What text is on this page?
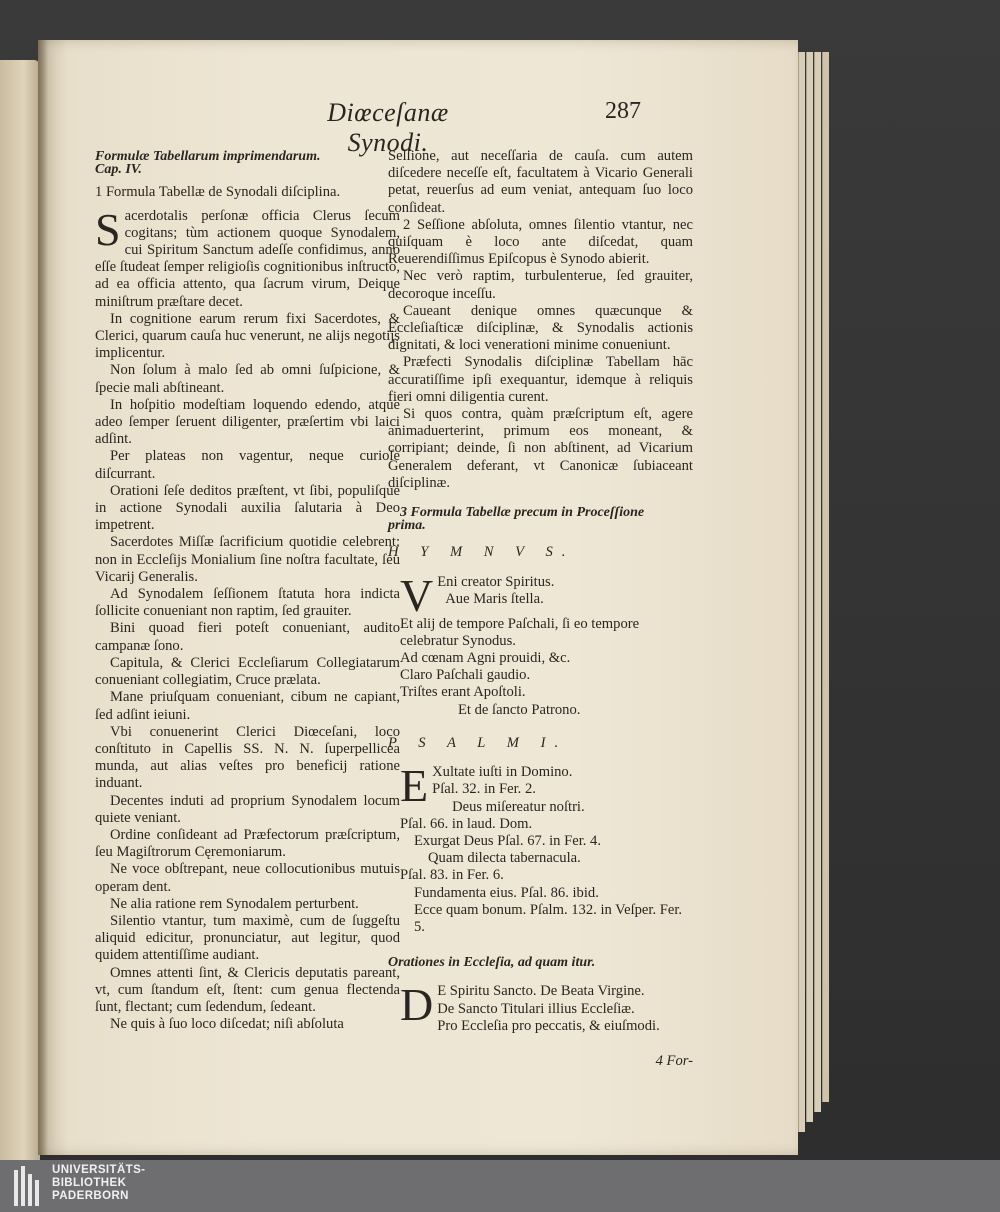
Diœceſanæ Synodi.
287

Formulæ Tabellarum imprimendarum.

Cap. IV.

1 Formula Tabellæ de Synodali diſciplina.

Sacerdotalis perſonæ officia Clerus ſecum cogitans; tùm actionem quoque Synodalem, cui Spiritum Sanctum adeſſe confidimus, anno eſſe ſtudeat ſemper religioſis cognitionibus inſtructo, ad ea officia attento, qua ſacrum virum, Deique miniſtrum præſtare decet.

In cognitione earum rerum fixi Sacerdotes, & Clerici, quarum cauſa huc venerunt, ne alijs negotijs implicentur.

Non ſolum à malo ſed ab omni ſuſpicione, & ſpecie mali abſtineant.

In hoſpitio modeſtiam loquendo edendo, atque adeo ſemper ſeruent diligenter, præſertim vbi laici adſint.

Per plateas non vagentur, neque curioſe diſcurrant.

Orationi ſeſe deditos præſtent, vt ſibi, populiſque in actione Synodali auxilia ſalutaria à Deo impetrent.

Sacerdotes Miſſæ ſacrificium quotidie celebrent: non in Eccleſijs Monialium ſine noſtra facultate, ſeu Vicarij Generalis.

Ad Synodalem ſeſſionem ſtatuta hora indicta ſollicite conueniant non raptim, ſed grauiter.

Bini quoad fieri poteſt conueniant, audito campanæ ſono.

Capitula, & Clerici Eccleſiarum Collegiatarum conueniant collegiatim, Cruce prælata.

Mane priuſquam conueniant, cibum ne capiant, ſed adſint ieiuni.

Vbi conuenerint Clerici Diœceſani, loco conſtituto in Capellis SS. N. N. ſuperpellicea munda, aut alias veſtes pro beneficij ratione induant.

Decentes induti ad proprium Synodalem locum quiete veniant.

Ordine conſideant ad Præfectorum præſcriptum, ſeu Magiſtrorum Cęremoniarum.

Ne voce obſtrepant, neue collocutionibus mutuis operam dent.

Ne alia ratione rem Synodalem perturbent.

Silentio vtantur, tum maximè, cum de ſuggeſtu aliquid edicitur, pronunciatur, aut legitur, quod quidem attentiſſime audiant.

Omnes attenti ſint, & Clericis deputatis pareant, vt, cum ſtandum eſt, ſtent: cum genua flectenda ſunt, flectant; cum ſedendum, ſedeant.

Ne quis à ſuo loco diſcedat; niſi abſoluta

Seſſione, aut neceſſaria de cauſa. cum autem diſcedere neceſſe eſt, facultatem à Vicario Generali petat, reuerſus ad eum veniat, antequam ſuo loco conſideat.

2 Seſſione abſoluta, omnes ſilentio vtantur, nec quiſquam è loco ante diſcedat, quam Reuerendiſſimus Epiſcopus è Synodo abierit.

Nec verò raptim, turbulenterue, ſed grauiter, decoroque inceſſu.

Caueant denique omnes quæcunque & Eccleſiaſticæ diſciplinæ, & Synodalis actionis dignitati, & loci venerationi minime conueniunt.

Præfecti Synodalis diſciplinæ Tabellam hāc accuratiſſime ipſi exequantur, idemque à reliquis fieri omni diligentia curent.

Si quos contra, quàm præſcriptum eſt, agere animaduerterint, primum eos moneant, & corripiant; deinde, ſi non abſtinent, ad Vicarium Generalem deferant, vt Canonicæ ſubiaceant diſciplinæ.

3 Formula Tabellæ precum in Proceſſione

prima.

H Y M N V S.

V Eni creator Spiritus.
Aue Maris ſtella.

Et alij de tempore Paſchali, ſi eo tempore celebratur Synodus.

Ad cœnam Agni prouidi, &c.

Claro Paſchali gaudio.

Triſtes erant Apoſtoli.

Et de ſancto Patrono.

P S A L M I.

E Xultate iuſti in Domino.
Pſal. 32. in Fer. 2.
Deus miſereatur noſtri.

Pſal. 66. in laud. Dom.

Exurgat Deus Pſal. 67. in Fer. 4.

Quam dilecta tabernacula.

Pſal. 83. in Fer. 6.

Fundamenta eius. Pſal. 86. ibid.

Ecce quam bonum. Pſalm. 132. in Veſper. Fer. 5.

Orationes in Eccleſia, ad quam itur.

D E Spiritu Sancto. De Beata Virgine.
De Sancto Titulari illius Eccleſiæ.
Pro Eccleſia pro peccatis, & eiuſmodi.

4 For-

UNIVERSITÄTS-
BIBLIOTHEK
PADERBORN
